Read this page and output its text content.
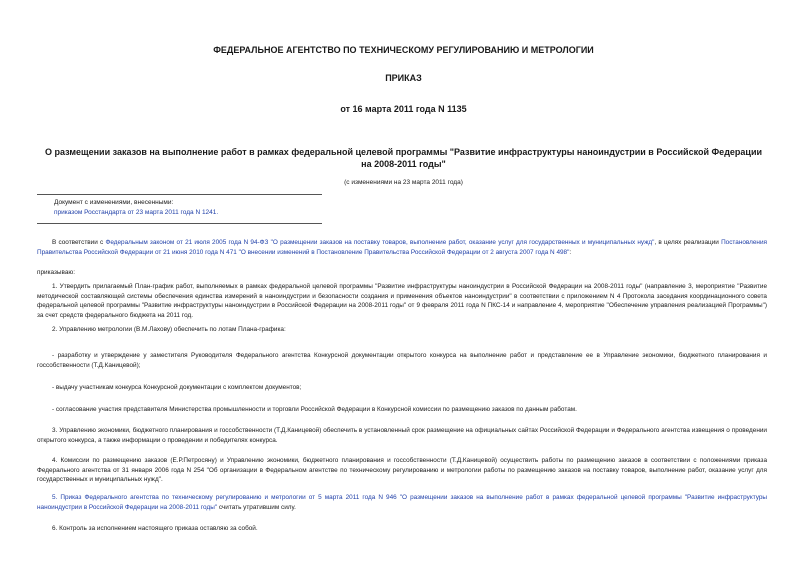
ФЕДЕРАЛЬНОЕ АГЕНТСТВО ПО ТЕХНИЧЕСКОМУ РЕГУЛИРОВАНИЮ И МЕТРОЛОГИИ
ПРИКАЗ
от 16 марта 2011 года N 1135
О размещении заказов на выполнение работ в рамках федеральной целевой программы "Развитие инфраструктуры наноиндустрии в Российской Федерации на 2008-2011 годы"
(с изменениями на 23 марта 2011 года)
Документ с изменениями, внесенными:
приказом Росстандарта от 23 марта 2011 года N 1241.
В соответствии с Федеральным законом от 21 июля 2005 года N 94-ФЗ "О размещении заказов на поставку товаров, выполнение работ, оказание услуг для государственных и муниципальных нужд", в целях реализации Постановления Правительства Российской Федерации от 21 июня 2010 года N 471 "О внесении изменений в Постановление Правительства Российской Федерации от 2 августа 2007 года N 498":
приказываю:
1. Утвердить прилагаемый План-график работ, выполняемых в рамках федеральной целевой программы "Развитие инфраструктуры наноиндустрии в Российской Федерации на 2008-2011 годы" (направление 3, мероприятие "Развитие методической составляющей системы обеспечения единства измерений в наноиндустрии и безопасности создания и применения объектов наноиндустрии" в соответствии с приложением N 4 Протокола заседания координационного совета федеральной целевой программы "Развитие инфраструктуры наноиндустрии в Российской Федерации на 2008-2011 годы" от 9 февраля 2011 года N ПКС-14 и направление 4, мероприятие "Обеспечение управления реализацией Программы") за счет средств федерального бюджета на 2011 год.
2. Управлению метрологии (В.М.Лахову) обеспечить по лотам Плана-графика:
- разработку и утверждение у заместителя Руководителя Федерального агентства Конкурсной документации открытого конкурса на выполнение работ и представление ее в Управление экономики, бюджетного планирования и госсобственности (Т.Д.Каницевой);
- выдачу участникам конкурса Конкурсной документации с комплектом документов;
- согласование участия представителя Министерства промышленности и торговли Российской Федерации в Конкурсной комиссии по размещению заказов по данным работам.
3. Управлению экономики, бюджетного планирования и госсобственности (Т.Д.Каницевой) обеспечить в установленный срок размещение на официальных сайтах Российской Федерации и Федерального агентства извещения о проведении открытого конкурса, а также информации о проведении и победителях конкурса.
4. Комиссии по размещению заказов (Е.Р.Петросяну) и Управлению экономики, бюджетного планирования и госсобственности (Т.Д.Каницевой) осуществить работы по размещению заказов в соответствии с положениями приказа Федерального агентства от 31 января 2006 года N 254 "Об организации в Федеральном агентстве по техническому регулированию и метрологии работы по размещению заказов на поставку товаров, выполнение работ, оказание услуг для государственных и муниципальных нужд".
5. Приказ Федерального агентства по техническому регулированию и метрологии от 5 марта 2011 года N 946 "О размещении заказов на выполнение работ в рамках федеральной целевой программы "Развитие инфраструктуры наноиндустрии в Российской Федерации на 2008-2011 годы" считать утратившим силу.
6. Контроль за исполнением настоящего приказа оставляю за собой.
